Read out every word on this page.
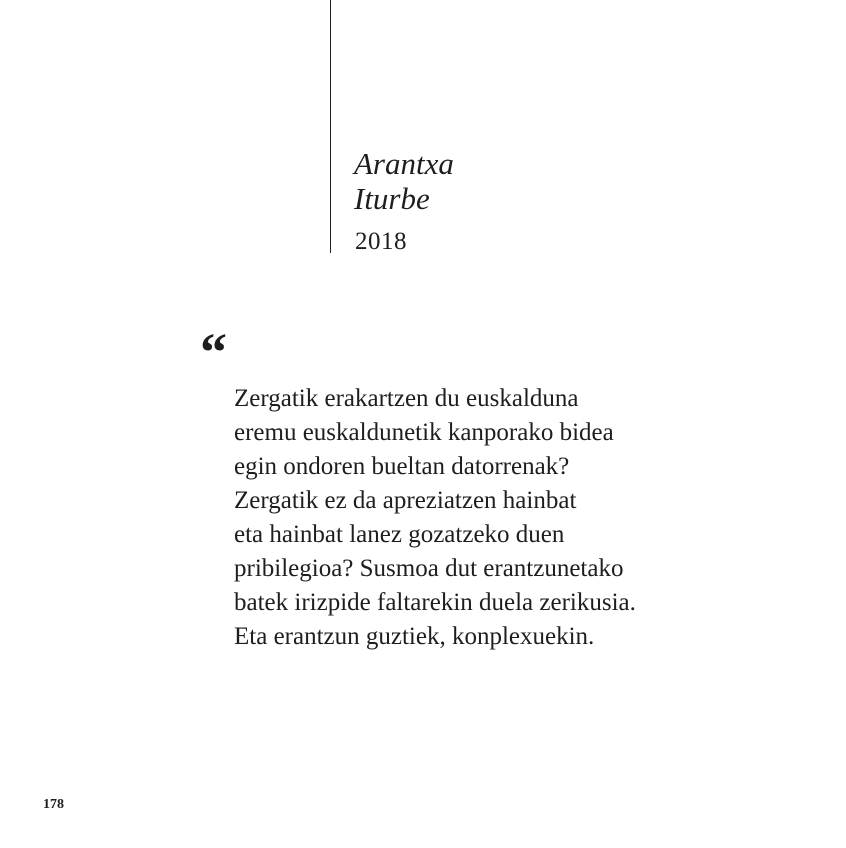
Arantxa
Iturbe
2018
“
Zergatik erakartzen du euskalduna
eremu euskaldunetik kanporako bidea
egin ondoren bueltan datorrenak?
Zergatik ez da apreziatzen hainbat
eta hainbat lanez gozatzeko duen
pribilegioa? Susmoa dut erantzunetako
batek irizpide faltarekin duela zerikusia.
Eta erantzun guztiek, konplexuekin.
178
